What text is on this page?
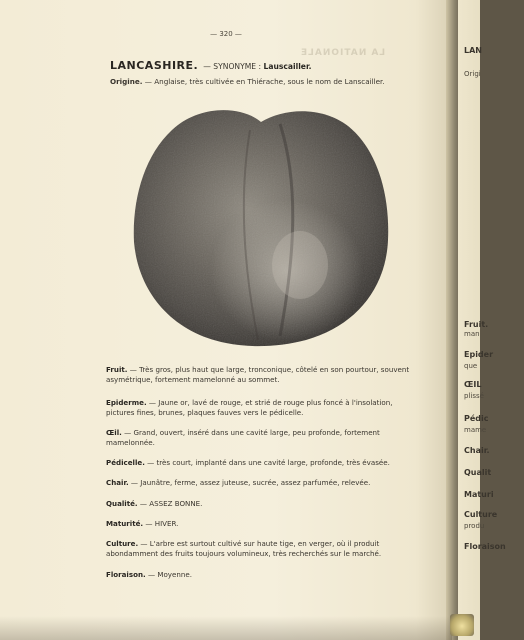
LA NATIONALE
— 320 —
LANCASHIRE. — SYNONYME : Lauscailler.
Origine. — Anglaise, très cultivée en Thiérache, sous le nom de Lanscailler.
Fruit. — Très gros, plus haut que large, tronconique, côtelé en son pourtour, souvent asymétrique, fortement mamelonné au sommet.
Epiderme. — Jaune or, lavé de rouge, et strié de rouge plus foncé à l'insolation, pictures fines, brunes, plaques fauves vers le pédicelle.
Œil. — Grand, ouvert, inséré dans une cavité large, peu profonde, fortement mamelonnée.
Pédicelle. — très court, implanté dans une cavité large, profonde, très évasée.
Chair. — Jaunâtre, ferme, assez juteuse, sucrée, assez parfumée, relevée.
Qualité. — ASSEZ BONNE.
Maturité. — HIVER.
Culture. — L'arbre est surtout cultivé sur haute tige, en verger, où il produit abondamment des fruits toujours volumineux, très recherchés sur le marché.
Floraison. — Moyenne.
LAN
Origi
Fruit.
man
Epider
que
ŒIL
plissé
Pédic
mame
Chair.
Qualit
Maturi
Culture
produ
Floraison
